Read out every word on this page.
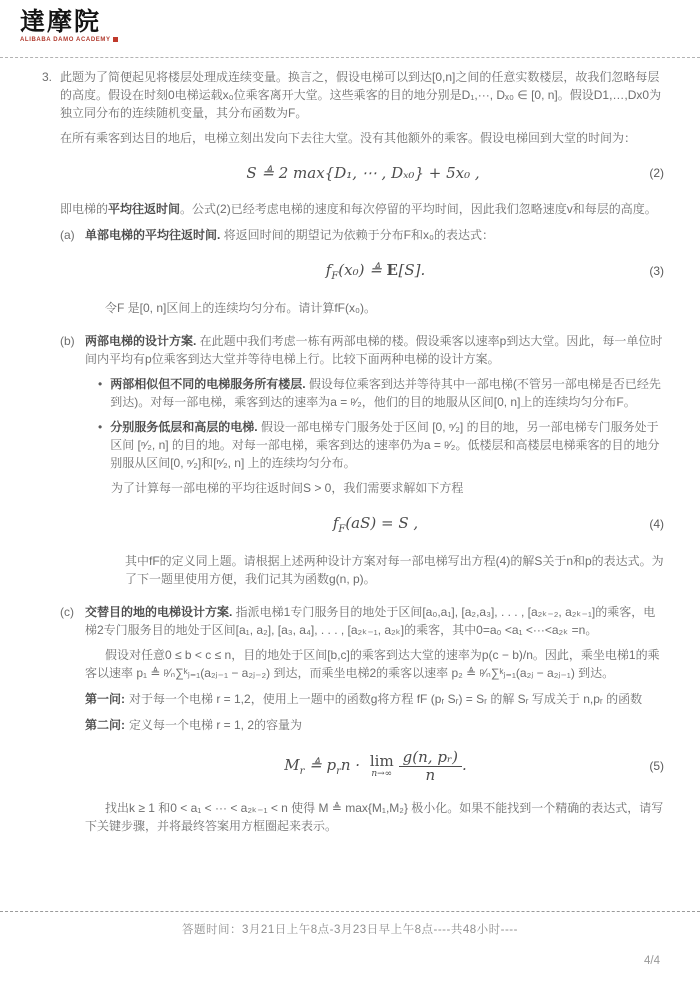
達摩院
ALIBABA DAMO ACADEMY
3. 此题为了简便起见将楼层处理成连续变量。换言之，假设电梯可以到达[0,n]之间的任意实数楼层，故我们忽略每层的高度。假设在时刻0电梯运载x₀位乘客离开大堂。这些乘客的目的地分别是D₁,···, Dₓ₀ ∈ [0, n]。假设D1,…,Dx0为独立同分布的连续随机变量，其分布函数为F。

在所有乘客到达目的地后，电梯立刻出发向下去往大堂。没有其他额外的乘客。假设电梯回到大堂的时间为：

S ≜ 2 max{D₁, ⋯ , Dₓ₀} + 5x₀ ,	(2)

即电梯的平均往返时间。公式(2)已经考虑电梯的速度和每次停留的平均时间，因此我们忽略速度v和每层的高度。

(a) 单部电梯的平均往返时间. 将返回时间的期望记为依赖于分布F和x₀的表达式：

$f_F(x_0)$ ≜ E[S].	(3)

令F 是[0, n]区间上的连续均匀分布。请计算fF(x₀)。

(b) 两部电梯的设计方案. 在此题中我们考虑一栋有两部电梯的楼。假设乘客以速率p到达大堂。因此，每一单位时间内平均有p位乘客到达大堂并等待电梯上行。比较下面两种电梯的设计方案。

• 两部相似但不同的电梯服务所有楼层. 假设每位乘客到达并等待其中一部电梯(不管另一部电梯是否已经先到达)。对每一部电梯，乘客到达的速率为a = ᵖ⁄₂，他们的目的地服从区间[0, n]上的连续均匀分布F。
• 分别服务低层和高层的电梯. 假设一部电梯专门服务处于区间 [0, ⁿ⁄₂] 的目的地，另一部电梯专门服务处于区间 [ⁿ⁄₂, n] 的目的地。对每一部电梯，乘客到达的速率仍为a = ᵖ⁄₂。低楼层和高楼层电梯乘客的目的地分别服从区间[0, ⁿ⁄₂]和[ⁿ⁄₂, n] 上的连续均匀分布。

为了计算每一部电梯的平均往返时间S > 0，我们需要求解如下方程

$f_F(aS) = S$ ,	(4)

其中fF的定义同上题。请根据上述两种设计方案对每一部电梯写出方程(4)的解S关于n和p的表达式。为了下一题里使用方便，我们记其为函数g(n, p)。

(c) 交替目的地的电梯设计方案. 指派电梯1专门服务目的地处于区间[a₀,a₁], [a₂,a₃], . . . , [a₂ₖ₋₂, a₂ₖ₋₁]的乘客，电梯2专门服务目的地处于区间[a₁, a₂], [a₃, a₄], . . . , [a₂ₖ₋₁, a₂ₖ]的乘客，其中0=a₀ <a₁ <···<a₂ₖ =n。

假设对任意0 ≤ b < c ≤ n，目的地处于区间[b,c]的乘客到达大堂的速率为p(c − b)/n。因此，乘坐电梯1的乘客以速率 p₁ ≜ ᵖ⁄ₙ∑ᵏⱼ₌₁(a₂ⱼ₋₁ − a₂ⱼ₋₂) 到达，而乘坐电梯2的乘客以速率 p₂ ≜ ᵖ⁄ₙ∑ᵏⱼ₌₁(a₂ⱼ − a₂ⱼ₋₁) 到达。

第一问: 对于每一个电梯 r = 1,2，使用上一题中的函数g将方程 fF (pᵣ Sᵣ) = Sᵣ 的解 Sᵣ 写成关于 n,pᵣ 的函数
第二问: 定义每一个电梯 r = 1, 2的容量为
$M_r$ ≜ $p_rn \cdot \lim$
$n\to\infty \frac{\text{g(n, pᵣ)}}{n}$ .	(5)

找出k ≥ 1 和0 < a₁ < ··· < a₂ₖ₋₁ < n 使得 M ≜ max{M₁,M₂} 极小化。如果不能找到一个精确的表达式，请写下关键步骤，并将最终答案用方框圈起来表示。

答题时间：3月21日上午8点-3月23日早上午8点----共48小时----
4/4
